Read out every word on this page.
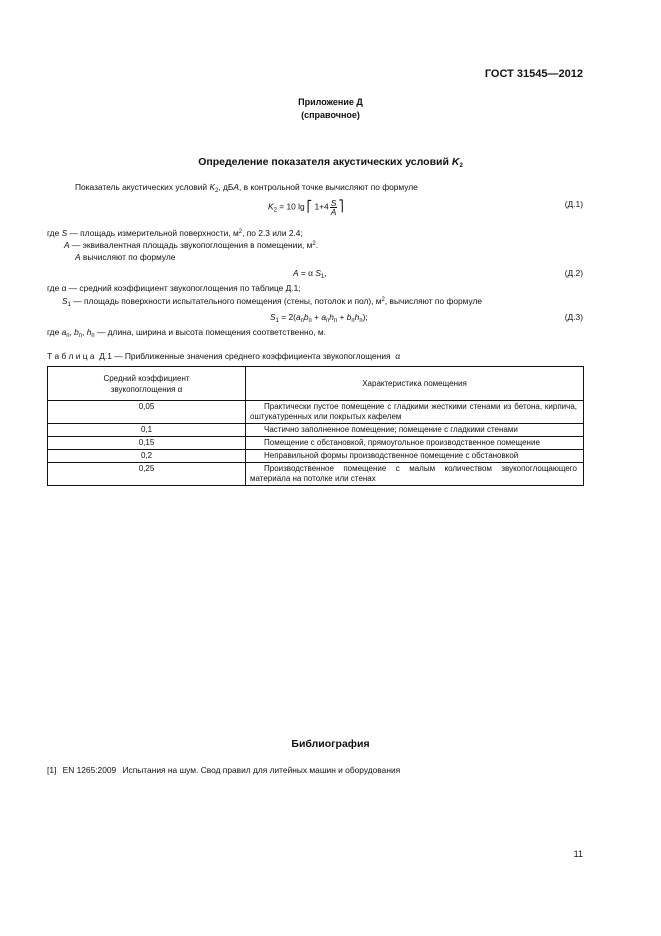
ГОСТ 31545—2012
Приложение Д
(справочное)
Определение показателя акустических условий $K_2$
Показатель акустических условий $K_2$, дБA, в контрольной точке вычисляют по формуле
$K_2 = 10$ lg ⎡ $1+4 \frac{S}{A}$ ⎤	(Д.1)
где S — площадь измерительной поверхности, $м^2$, по 2.3 или 2.4;
A — эквивалентная площадь звукопоглощения в помещении, $м^2$.
A вычисляют по формуле
A = α $S_1$,	(Д.2)
где α — средний коэффициент звукопоглощения по таблице Д.1;
$S_1$ — площадь поверхности испытательного помещения (стены, потолок и пол), $м^2$, вычисляют по формуле
$S_1 = 2(a_пb_п + a_пh_п + b_пh_п)$;	(Д.3)
где $a_п$, $b_п$, $h_п$ — длина, ширина и высота помещения соответственно, м.
Т а б л и ц а  Д.1 — Приближенные значения среднего коэффициента звукопоглощения  α
Средний коэффициент
звукопоглощения α	Характеристика помещения
0,05	Практически пустое помещение с гладкими жесткими стенами из бетона, кирпича, оштукатуренных или покрытых кафелем
0,1	Частично заполненное помещение; помещение с гладкими стенами
0,15	Помещение с обстановкой, прямоугольное производственное помещение
0,2	Неправильной формы производственное помещение с обстановкой
0,25	Производственное помещение с малым количеством звукопоглощающего материала на потолке или стенах
Библиография
[1] EN 1265:2009 Испытания на шум. Свод правил для литейных машин и оборудования
11
